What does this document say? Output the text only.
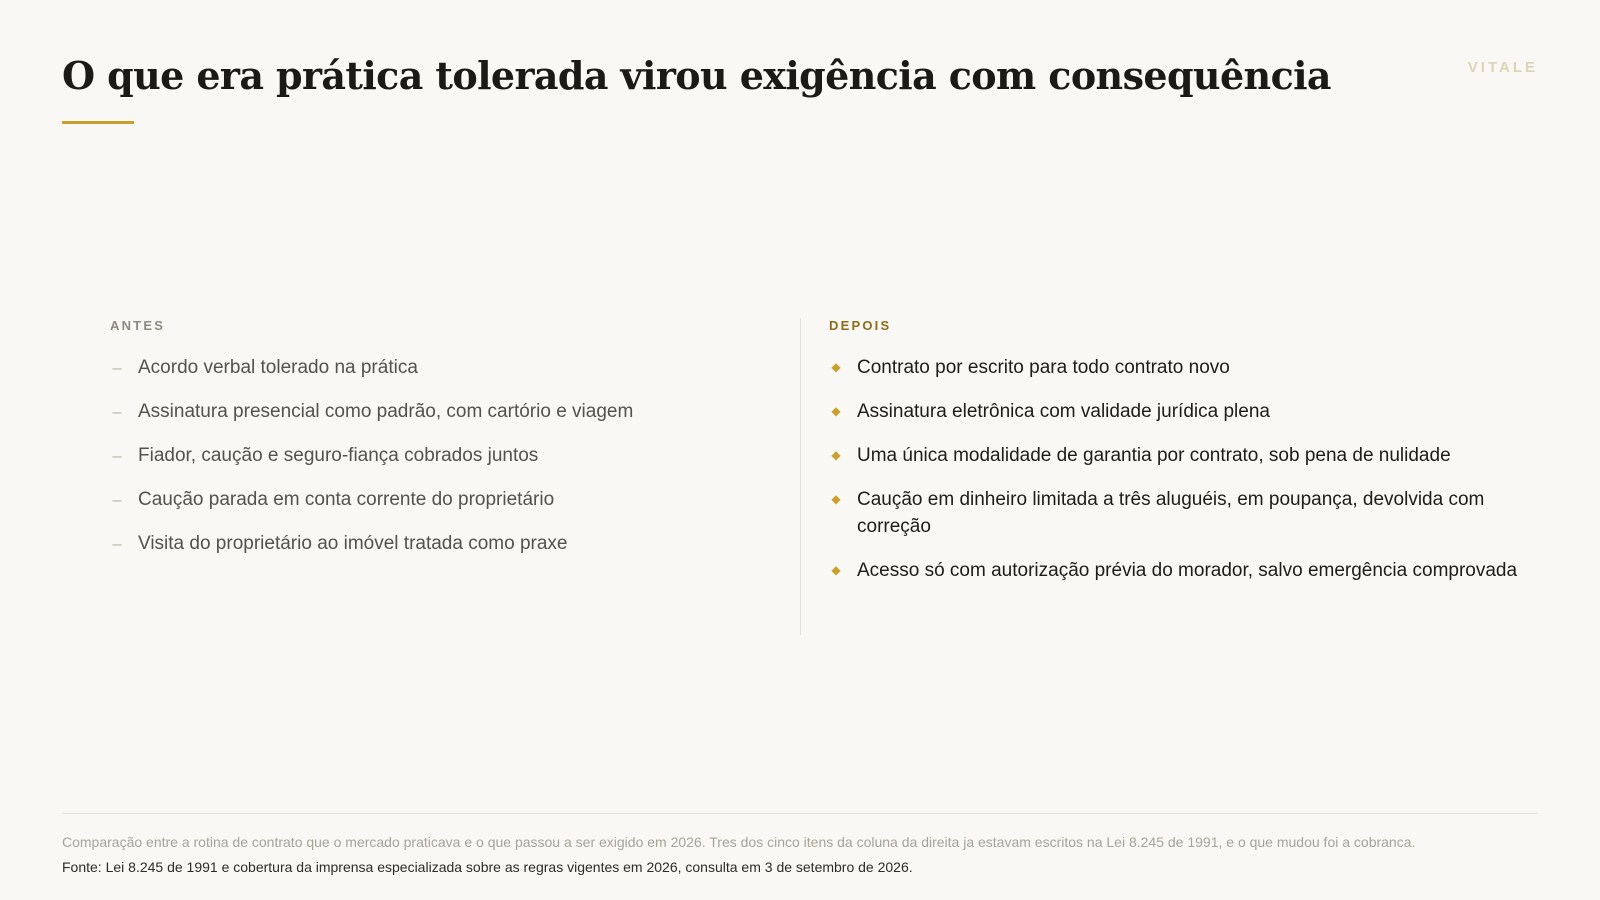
O que era prática tolerada virou exigência com consequência	VITALE
ANTES
– Acordo verbal tolerado na prática
– Assinatura presencial como padrão, com cartório e viagem
– Fiador, caução e seguro-fiança cobrados juntos
– Caução parada em conta corrente do proprietário
– Visita do proprietário ao imóvel tratada como praxe
DEPOIS
◆ Contrato por escrito para todo contrato novo
◆ Assinatura eletrônica com validade jurídica plena
◆ Uma única modalidade de garantia por contrato, sob pena de nulidade
◆ Caução em dinheiro limitada a três aluguéis, em poupança, devolvida com correção
◆ Acesso só com autorização prévia do morador, salvo emergência comprovada
Comparação entre a rotina de contrato que o mercado praticava e o que passou a ser exigido em 2026. Tres dos cinco itens da coluna da direita ja estavam escritos na Lei 8.245 de 1991, e o que mudou foi a cobranca.
Fonte: Lei 8.245 de 1991 e cobertura da imprensa especializada sobre as regras vigentes em 2026, consulta em 3 de setembro de 2026.
